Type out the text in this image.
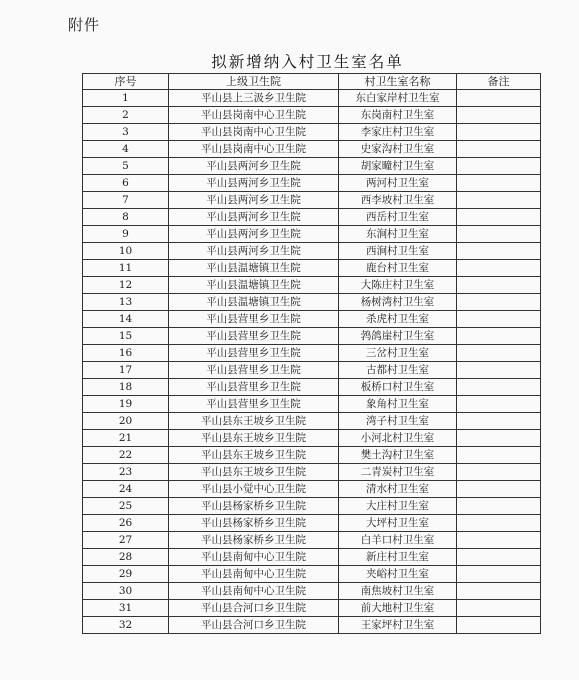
附件
拟新增纳入村卫生室名单
序号	上级卫生院	村卫生室名称	备注
1	平山县上三汲乡卫生院	东白家岸村卫生室	
2	平山县岗南中心卫生院	东岗南村卫生室	
3	平山县岗南中心卫生院	李家庄村卫生室	
4	平山县岗南中心卫生院	史家沟村卫生室	
5	平山县两河乡卫生院	胡家疃村卫生室	
6	平山县两河乡卫生院	两河村卫生室	
7	平山县两河乡卫生院	西李坡村卫生室	
8	平山县两河乡卫生院	西岳村卫生室	
9	平山县两河乡卫生院	东涧村卫生室	
10	平山县两河乡卫生院	西涧村卫生室	
11	平山县温塘镇卫生院	鹿台村卫生室	
12	平山县温塘镇卫生院	大陈庄村卫生室	
13	平山县温塘镇卫生院	杨树湾村卫生室	
14	平山县营里乡卫生院	杀虎村卫生室	
15	平山县营里乡卫生院	鹁鸽崖村卫生室	
16	平山县营里乡卫生院	三岔村卫生室	
17	平山县营里乡卫生院	古都村卫生室	
18	平山县营里乡卫生院	板桥口村卫生室	
19	平山县营里乡卫生院	象角村卫生室	
20	平山县东王坡乡卫生院	湾子村卫生室	
21	平山县东王坡乡卫生院	小河北村卫生室	
22	平山县东王坡乡卫生院	樊土沟村卫生室	
23	平山县东王坡乡卫生院	二青炭村卫生室	
24	平山县小觉中心卫生院	清水村卫生室	
25	平山县杨家桥乡卫生院	大庄村卫生室	
26	平山县杨家桥乡卫生院	大坪村卫生室	
27	平山县杨家桥乡卫生院	白羊口村卫生室	
28	平山县南甸中心卫生院	新庄村卫生室	
29	平山县南甸中心卫生院	夹峪村卫生室	
30	平山县南甸中心卫生院	南焦坡村卫生室	
31	平山县合河口乡卫生院	前大地村卫生室	
32	平山县合河口乡卫生院	王家坪村卫生室	
